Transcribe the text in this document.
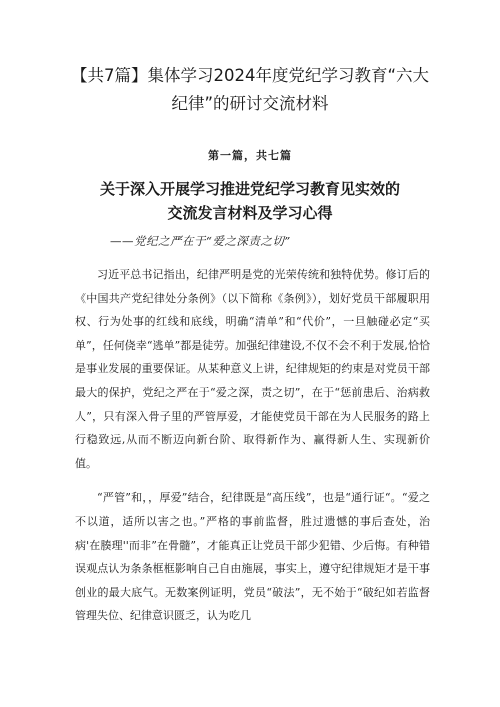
【共7篇】集体学习2024年度党纪学习教育“六大
纪律”的研讨交流材料
第一篇，共七篇
关于深入开展学习推进党纪学习教育见实效的
交流发言材料及学习心得
——党纪之严在于“爱之深责之切”

习近平总书记指出，纪律严明是党的光荣传统和独特优势。修订后的《中国共产党纪律处分条例》（以下简称《条例》），划好党员干部履职用权、行为处事的红线和底线，明确“清单”和“代价”，一旦触碰必定“买单”，任何侥幸“逃单”都是徒劳。加强纪律建设,不仅不会不利于发展,恰恰是事业发展的重要保证。从某种意义上讲，纪律规矩的约束是对党员干部最大的保护，党纪之严在于“爱之深，责之切”，在于“惩前患后、治病救人”，只有深入骨子里的严管厚爱，才能使党员干部在为人民服务的路上行稳致远,从而不断迈向新台阶、取得新作为、赢得新人生、实现新价值。

“严管”和，，厚爱”结合，纪律既是“高压线”，也是“通行证“。“爱之不以道，适所以害之也。”严格的事前监督，胜过遗憾的事后查处，治病'在腠理''而非”在骨髓”，才能真正让党员干部少犯错、少后悔。有种错误观点认为条条框框影响自己自由施展，事实上，遵守纪律规矩才是干事创业的最大底气。无数案例证明，党员“破法”，无不始于“破纪如若监督管理失位、纪律意识匮乏，认为吃几
